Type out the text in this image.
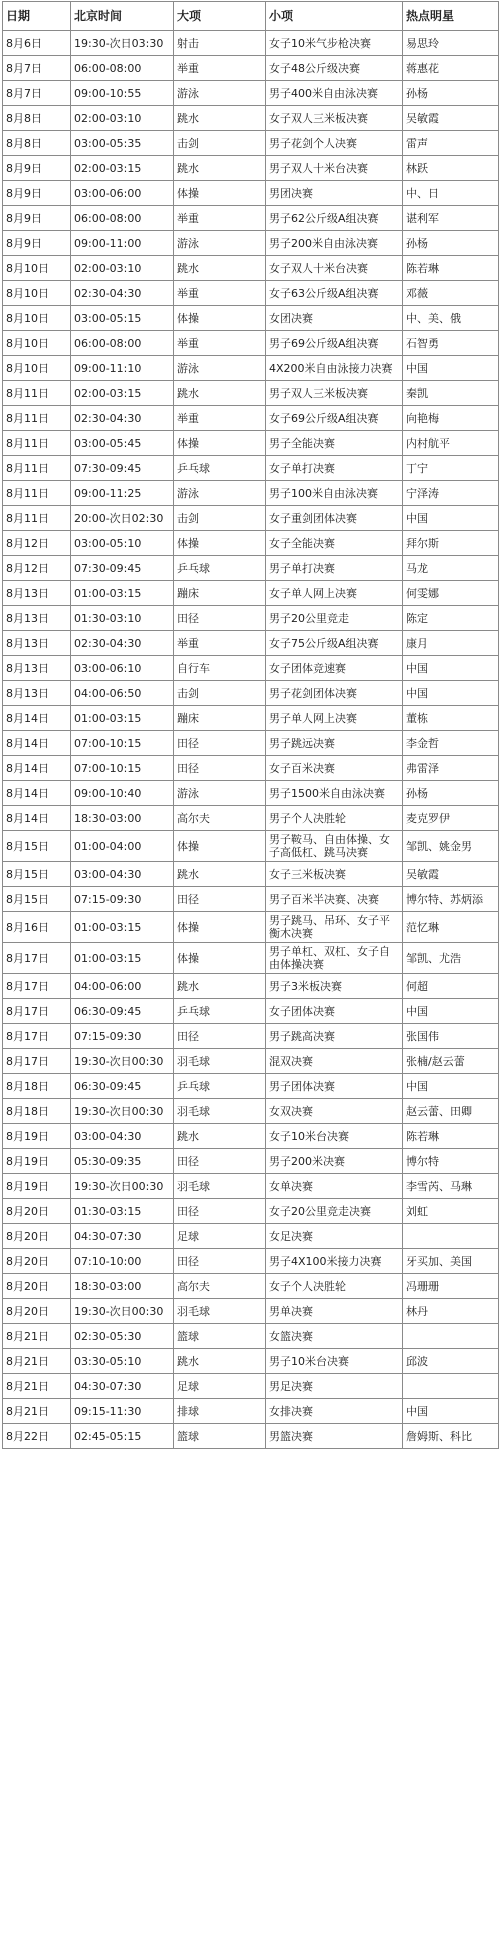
日期	北京时间	大项	小项	热点明星
8月6日	19:30-次日03:30	射击	女子10米气步枪决赛	易思玲
8月7日	06:00-08:00	举重	女子48公斤级决赛	蒋惠花
8月7日	09:00-10:55	游泳	男子400米自由泳决赛	孙杨
8月8日	02:00-03:10	跳水	女子双人三米板决赛	吴敏霞
8月8日	03:00-05:35	击剑	男子花剑个人决赛	雷声
8月9日	02:00-03:15	跳水	男子双人十米台决赛	林跃
8月9日	03:00-06:00	体操	男团决赛	中、日
8月9日	06:00-08:00	举重	男子62公斤级A组决赛	谌利军
8月9日	09:00-11:00	游泳	男子200米自由泳决赛	孙杨
8月10日	02:00-03:10	跳水	女子双人十米台决赛	陈若琳
8月10日	02:30-04:30	举重	女子63公斤级A组决赛	邓薇
8月10日	03:00-05:15	体操	女团决赛	中、美、俄
8月10日	06:00-08:00	举重	男子69公斤级A组决赛	石智勇
8月10日	09:00-11:10	游泳	4X200米自由泳接力决赛	中国
8月11日	02:00-03:15	跳水	男子双人三米板决赛	秦凯
8月11日	02:30-04:30	举重	女子69公斤级A组决赛	向艳梅
8月11日	03:00-05:45	体操	男子全能决赛	内村航平
8月11日	07:30-09:45	乒乓球	女子单打决赛	丁宁
8月11日	09:00-11:25	游泳	男子100米自由泳决赛	宁泽涛
8月11日	20:00-次日02:30	击剑	女子重剑团体决赛	中国
8月12日	03:00-05:10	体操	女子全能决赛	拜尔斯
8月12日	07:30-09:45	乒乓球	男子单打决赛	马龙
8月13日	01:00-03:15	蹦床	女子单人网上决赛	何雯娜
8月13日	01:30-03:10	田径	男子20公里竞走	陈定
8月13日	02:30-04:30	举重	女子75公斤级A组决赛	康月
8月13日	03:00-06:10	自行车	女子团体竞速赛	中国
8月13日	04:00-06:50	击剑	男子花剑团体决赛	中国
8月14日	01:00-03:15	蹦床	男子单人网上决赛	董栋
8月14日	07:00-10:15	田径	男子跳远决赛	李金哲
8月14日	07:00-10:15	田径	女子百米决赛	弗雷泽
8月14日	09:00-10:40	游泳	男子1500米自由泳决赛	孙杨
8月14日	18:30-03:00	高尔夫	男子个人决胜轮	麦克罗伊
8月15日	01:00-04:00	体操	男子鞍马、自由体操、女子高低杠、跳马决赛	邹凯、姚金男
8月15日	03:00-04:30	跳水	女子三米板决赛	吴敏霞
8月15日	07:15-09:30	田径	男子百米半决赛、决赛	博尔特、苏炳添
8月16日	01:00-03:15	体操	男子跳马、吊环、女子平衡木决赛	范忆琳
8月17日	01:00-03:15	体操	男子单杠、双杠、女子自由体操决赛	邹凯、尤浩
8月17日	04:00-06:00	跳水	男子3米板决赛	何超
8月17日	06:30-09:45	乒乓球	女子团体决赛	中国
8月17日	07:15-09:30	田径	男子跳高决赛	张国伟
8月17日	19:30-次日00:30	羽毛球	混双决赛	张楠/赵云蕾
8月18日	06:30-09:45	乒乓球	男子团体决赛	中国
8月18日	19:30-次日00:30	羽毛球	女双决赛	赵云蕾、田卿
8月19日	03:00-04:30	跳水	女子10米台决赛	陈若琳
8月19日	05:30-09:35	田径	男子200米决赛	博尔特
8月19日	19:30-次日00:30	羽毛球	女单决赛	李雪芮、马琳
8月20日	01:30-03:15	田径	女子20公里竞走决赛	刘虹
8月20日	04:30-07:30	足球	女足决赛	
8月20日	07:10-10:00	田径	男子4X100米接力决赛	牙买加、美国
8月20日	18:30-03:00	高尔夫	女子个人决胜轮	冯珊珊
8月20日	19:30-次日00:30	羽毛球	男单决赛	林丹
8月21日	02:30-05:30	篮球	女篮决赛	
8月21日	03:30-05:10	跳水	男子10米台决赛	邱波
8月21日	04:30-07:30	足球	男足决赛	
8月21日	09:15-11:30	排球	女排决赛	中国
8月22日	02:45-05:15	篮球	男篮决赛	詹姆斯、科比
